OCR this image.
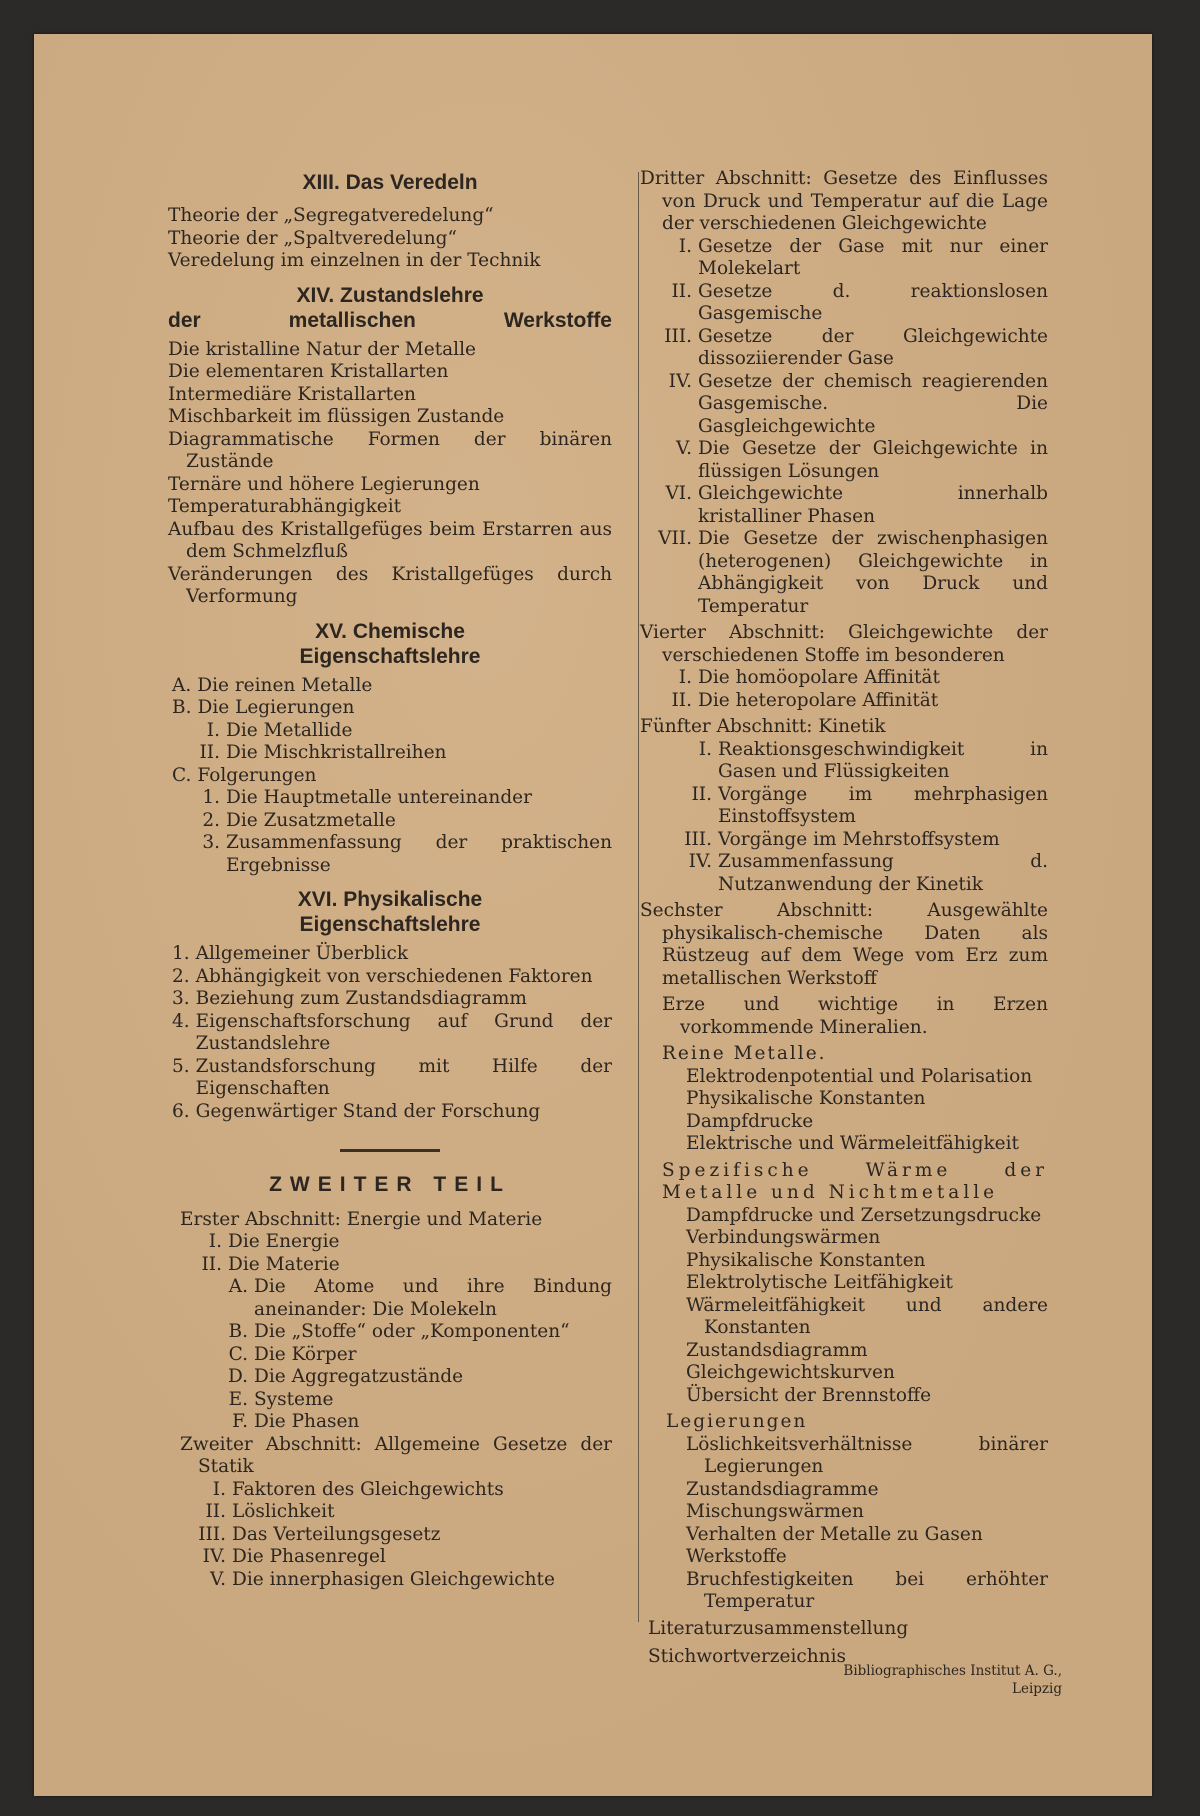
XIII. Das Veredeln

Theorie der „Segregatveredelung“

Theorie der „Spaltveredelung“

Veredelung im einzelnen in der Technik

XIV. Zustandslehre
der metallischen Werkstoffe

Die kristalline Natur der Metalle

Die elementaren Kristallarten

Intermediäre Kristallarten

Mischbarkeit im flüssigen Zustande

Diagrammatische Formen der binären Zustände

Ternäre und höhere Legierungen

Temperaturabhängigkeit

Aufbau des Kristallgefüges beim Erstarren aus dem Schmelzfluß

Veränderungen des Kristallgefüges durch Verformung

XV. Chemische
Eigenschaftslehre
A. Die reinen Metalle
B. Die Legierungen
I. Die Metallide
II. Die Mischkristallreihen
C. Folgerungen
1. Die Hauptmetalle untereinander
2. Die Zusatzmetalle
3. Zusammenfassung der praktischen Ergebnisse
XVI. Physikalische
Eigenschaftslehre
1. Allgemeiner Überblick
2. Abhängigkeit von verschiedenen Faktoren
3. Beziehung zum Zustandsdiagramm
4. Eigenschaftsforschung auf Grund der Zustandslehre
5. Zustandsforschung mit Hilfe der Eigenschaften
6. Gegenwärtiger Stand der Forschung
ZWEITER TEIL

Erster Abschnitt: Energie und Materie

I. Die Energie
II. Die Materie
A. Die Atome und ihre Bindung aneinander: Die Molekeln
B. Die „Stoffe“ oder „Komponenten“
C. Die Körper
D. Die Aggregatzustände
E. Systeme
F. Die Phasen

Zweiter Abschnitt: Allgemeine Gesetze der Statik

I. Faktoren des Gleichgewichts
II. Löslichkeit
III. Das Verteilungsgesetz
IV. Die Phasenregel
V. Die innerphasigen Gleichgewichte

Dritter Abschnitt: Gesetze des Einflusses von Druck und Temperatur auf die Lage der verschiedenen Gleichgewichte

I. Gesetze der Gase mit nur einer Molekelart
II. Gesetze d. reaktionslosen Gasgemische
III. Gesetze der Gleichgewichte dissoziierender Gase
IV. Gesetze der chemisch reagierenden Gasgemische. Die Gasgleichgewichte
V. Die Gesetze der Gleichgewichte in flüssigen Lösungen
VI. Gleichgewichte innerhalb kristalliner Phasen
VII. Die Gesetze der zwischenphasigen (heterogenen) Gleichgewichte in Abhängigkeit von Druck und Temperatur

Vierter Abschnitt: Gleichgewichte der verschiedenen Stoffe im besonderen

I. Die homöopolare Affinität
II. Die heteropolare Affinität

Fünfter Abschnitt: Kinetik

I. Reaktionsgeschwindigkeit in Gasen und Flüssigkeiten
II. Vorgänge im mehrphasigen Einstoffsystem
III. Vorgänge im Mehrstoffsystem
IV. Zusammenfassung d. Nutzanwendung der Kinetik

Sechster Abschnitt: Ausgewählte physikalisch-chemische Daten als Rüstzeug auf dem Wege vom Erz zum metallischen Werkstoff

Erze und wichtige in Erzen vorkommende Mineralien.

Reine Metalle.

Elektrodenpotential und Polarisation

Physikalische Konstanten

Dampfdrucke

Elektrische und Wärmeleitfähigkeit

Spezifische Wärme der Metalle und Nichtmetalle

Dampfdrucke und Zersetzungsdrucke

Verbindungswärmen

Physikalische Konstanten

Elektrolytische Leitfähigkeit

Wärmeleitfähigkeit und andere Konstanten

Zustandsdiagramm

Gleichgewichtskurven

Übersicht der Brennstoffe

Legierungen

Löslichkeitsverhältnisse binärer Legierungen

Zustandsdiagramme

Mischungswärmen

Verhalten der Metalle zu Gasen

Werkstoffe

Bruchfestigkeiten bei erhöhter Temperatur

Literaturzusammenstellung

Stichwortverzeichnis

Bibliographisches Institut A. G.,
Leipzig
